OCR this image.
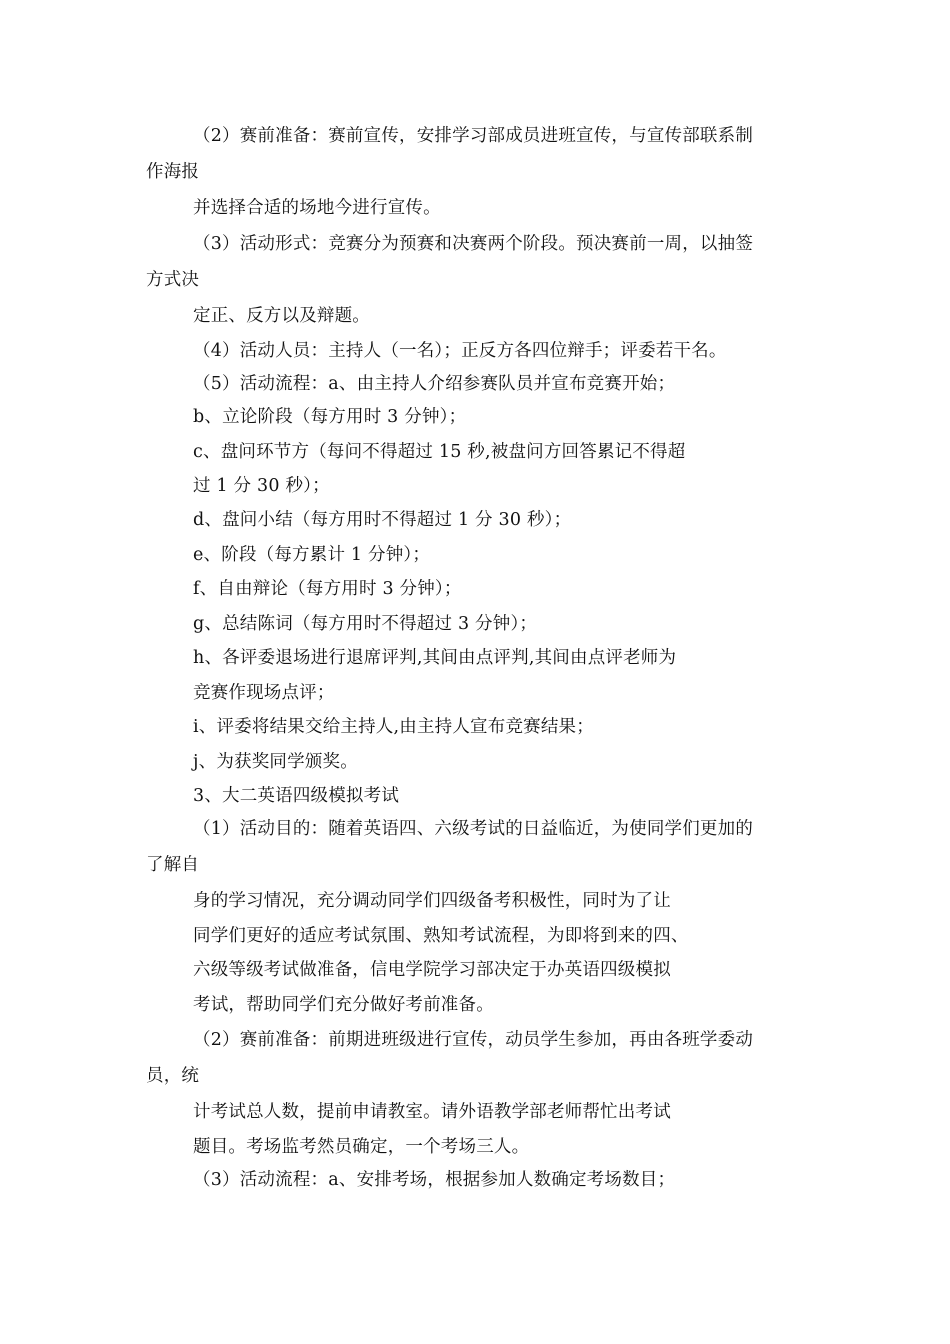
（2）赛前准备：赛前宣传，安排学习部成员进班宣传，与宣传部联系制
作海报
并选择合适的场地今进行宣传。
（3）活动形式：竞赛分为预赛和决赛两个阶段。预决赛前一周，以抽签
方式决
定正、反方以及辩题。
（4）活动人员：主持人（一名）；正反方各四位辩手；评委若干名。
（5）活动流程：a、由主持人介绍参赛队员并宣布竞赛开始；
b、立论阶段（每方用时 3 分钟）；
c、盘问环节方（每问不得超过 15 秒,被盘问方回答累记不得超
过 1 分 30 秒）；
d、盘问小结（每方用时不得超过 1 分 30 秒）；
e、阶段（每方累计 1 分钟）；
f、自由辩论（每方用时 3 分钟）；
g、总结陈词（每方用时不得超过 3 分钟）；
h、各评委退场进行退席评判,其间由点评判,其间由点评老师为
竞赛作现场点评；
i、评委将结果交给主持人,由主持人宣布竞赛结果；
j、为获奖同学颁奖。
3、大二英语四级模拟考试
（1）活动目的：随着英语四、六级考试的日益临近，为使同学们更加的
了解自
身的学习情况，充分调动同学们四级备考积极性，同时为了让
同学们更好的适应考试氛围、熟知考试流程，为即将到来的四、
六级等级考试做准备，信电学院学习部决定于办英语四级模拟
考试，帮助同学们充分做好考前准备。
（2）赛前准备：前期进班级进行宣传，动员学生参加，再由各班学委动
员，统
计考试总人数，提前申请教室。请外语教学部老师帮忙出考试
题目。考场监考然员确定，一个考场三人。
（3）活动流程：a、安排考场，根据参加人数确定考场数目；
